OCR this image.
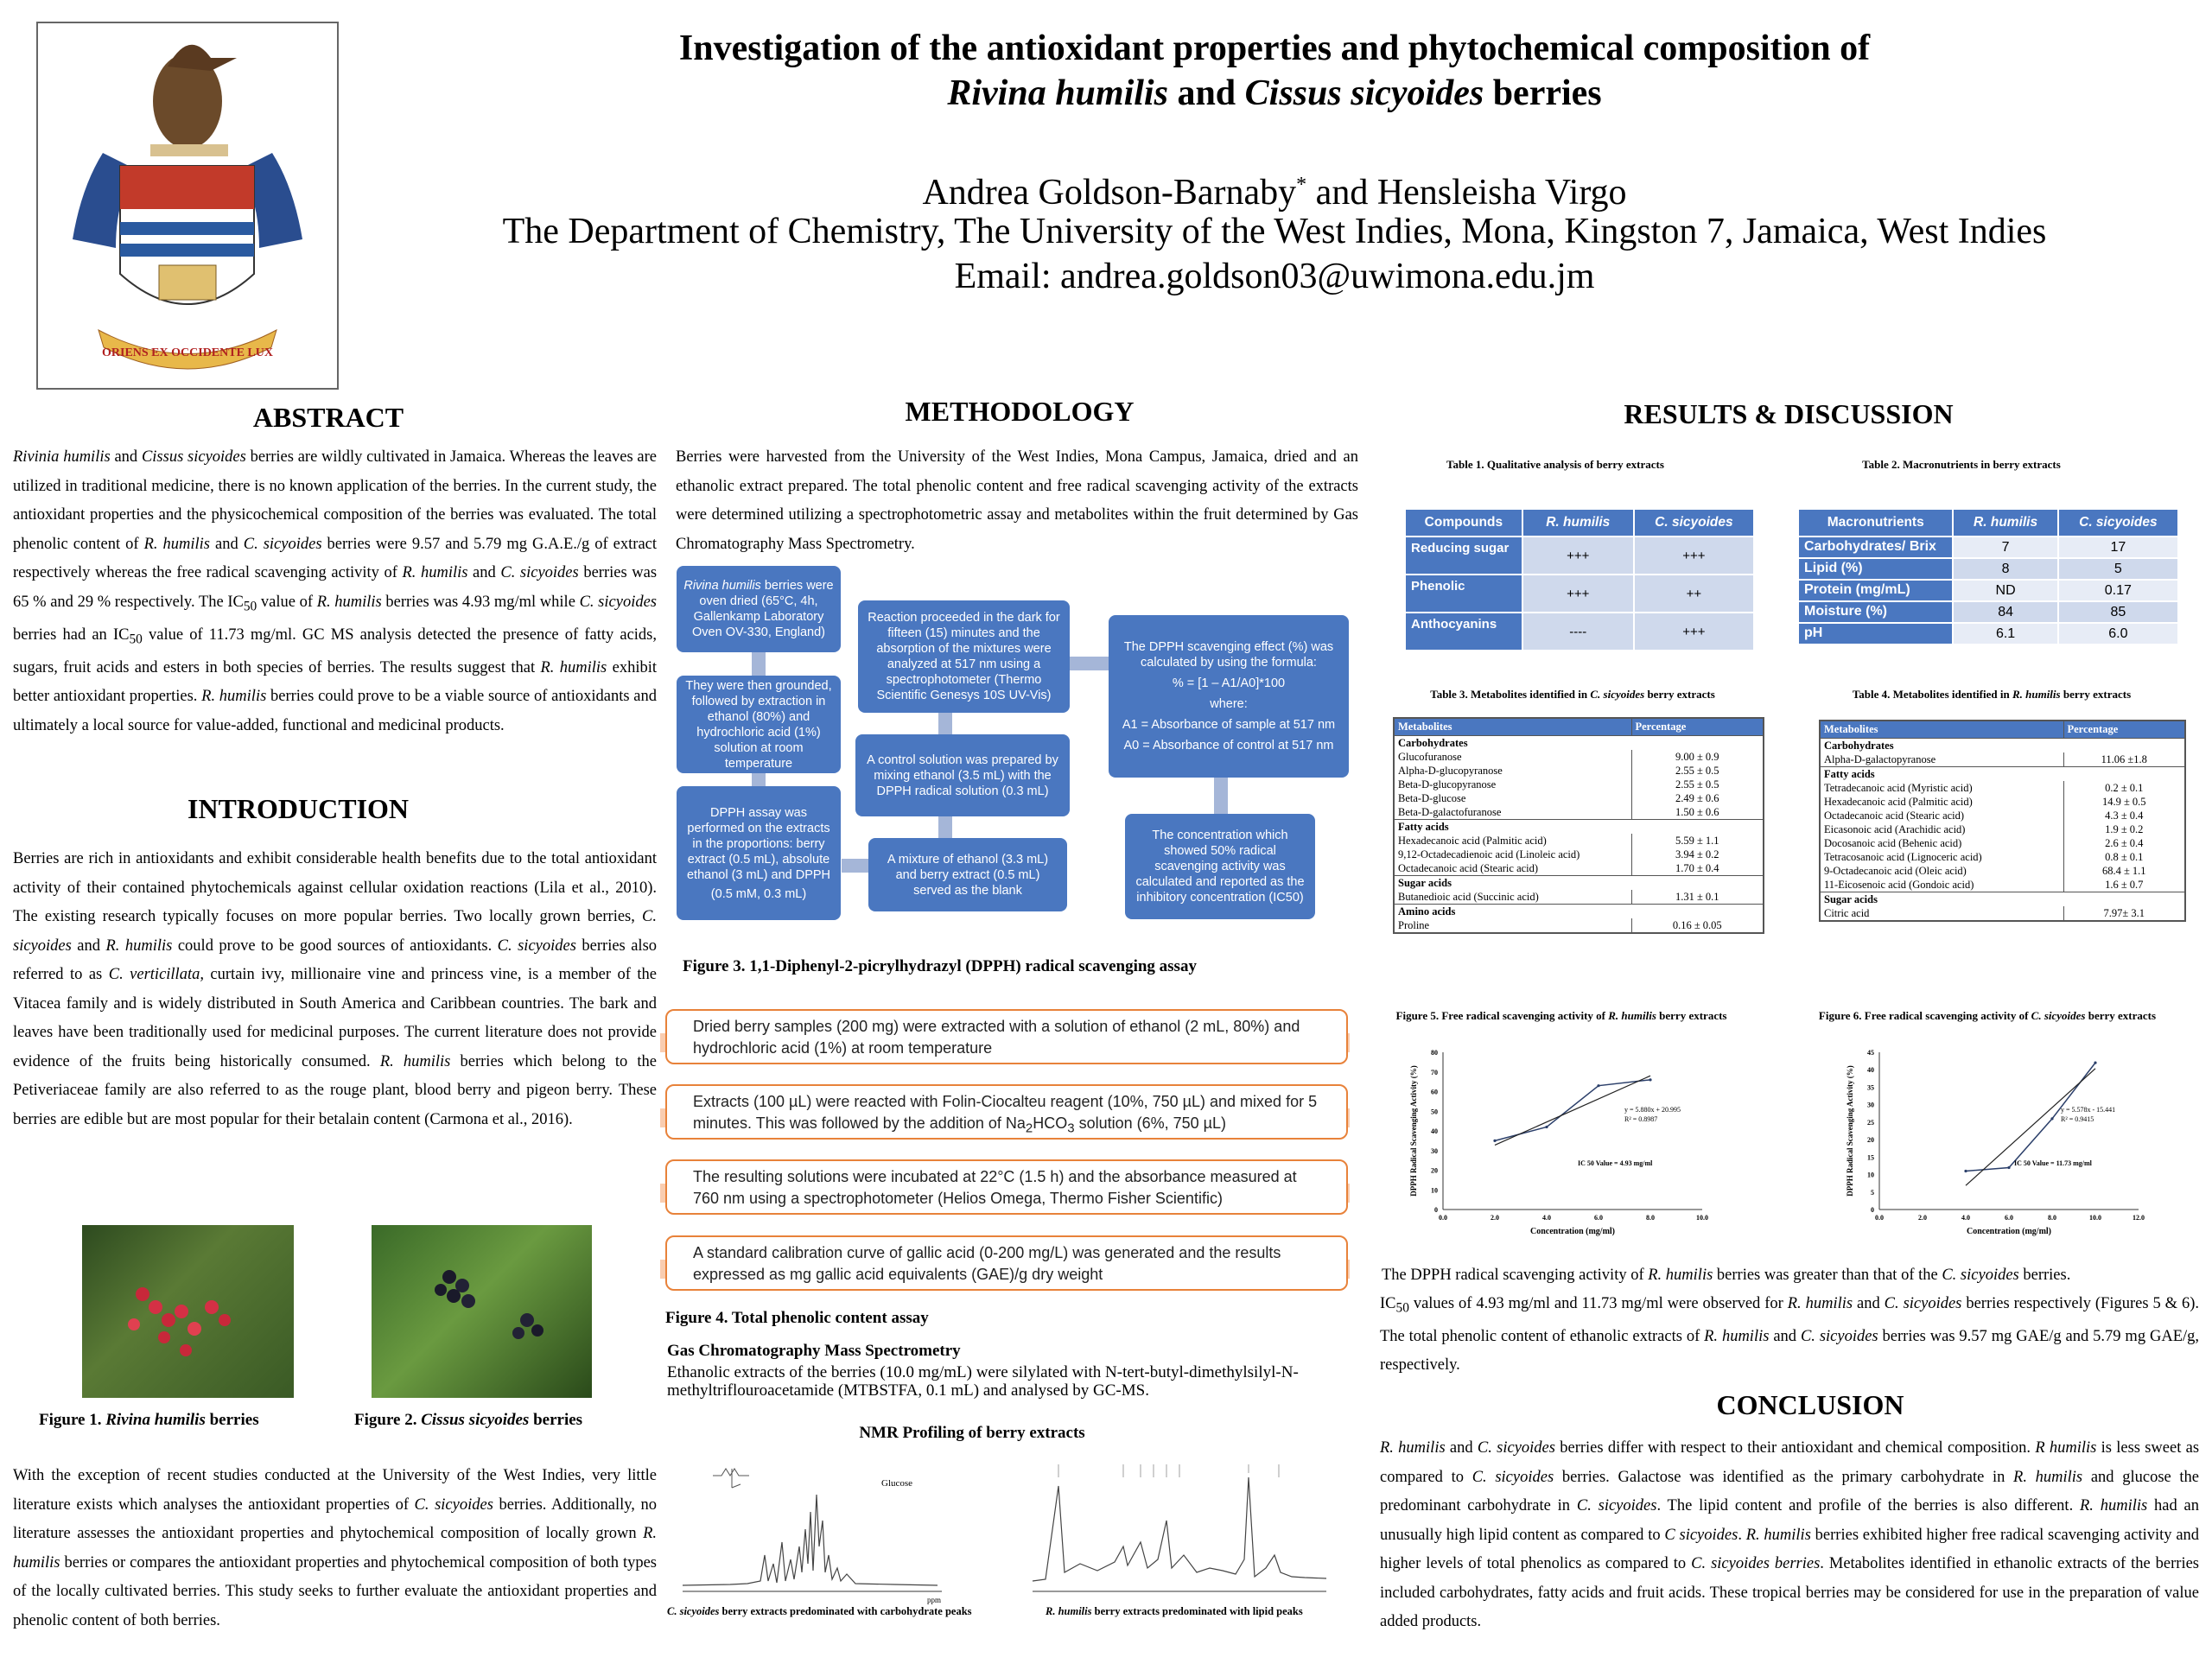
ORIENS EX OCCIDENTE LUX
Investigation of the antioxidant properties and phytochemical composition of
Rivina humilis and Cissus sicyoides berries
Andrea Goldson-Barnaby* and Hensleisha Virgo
The Department of Chemistry, The University of the West Indies, Mona, Kingston 7, Jamaica, West Indies
Email: andrea.goldson03@uwimona.edu.jm
ABSTRACT
Rivinia humilis and Cissus sicyoides berries are wildly cultivated in Jamaica. Whereas the leaves are utilized in traditional medicine, there is no known application of the berries. In the current study, the antioxidant properties and the physicochemical composition of the berries was evaluated. The total phenolic content of R. humilis and C. sicyoides berries were 9.57 and 5.79 mg G.A.E./g of extract respectively whereas the free radical scavenging activity of R. humilis and C. sicyoides berries was 65 % and 29 % respectively. The $IC_{50}$ value of R. humilis berries was 4.93 mg/ml while C. sicyoides berries had an $IC_{50}$ value of 11.73 mg/ml. GC MS analysis detected the presence of fatty acids, sugars, fruit acids and esters in both species of berries. The results suggest that R. humilis exhibit better antioxidant properties. R. humilis berries could prove to be a viable source of antioxidants and ultimately a local source for value-added, functional and medicinal products.
INTRODUCTION
Berries are rich in antioxidants and exhibit considerable health benefits due to the total antioxidant activity of their contained phytochemicals against cellular oxidation reactions (Lila et al., 2010). The existing research typically focuses on more popular berries. Two locally grown berries, C. sicyoides and R. humilis could prove to be good sources of antioxidants. C. sicyoides berries also referred to as C. verticillata, curtain ivy, millionaire vine and princess vine, is a member of the Vitacea family and is widely distributed in South America and Caribbean countries. The bark and leaves have been traditionally used for medicinal purposes. The current literature does not provide evidence of the fruits being historically consumed. R. humilis berries which belong to the Petiveriaceae family are also referred to as the rouge plant, blood berry and pigeon berry. These berries are edible but are most popular for their betalain content (Carmona et al., 2016).
Figure 1. Rivina humilis berries	Figure 2. Cissus sicyoides berries
With the exception of recent studies conducted at the University of the West Indies, very little literature exists which analyses the antioxidant properties of C. sicyoides berries. Additionally, no literature assesses the antioxidant properties and phytochemical composition of locally grown R. humilis berries or compares the antioxidant properties and phytochemical composition of both types of the locally cultivated berries. This study seeks to further evaluate the antioxidant properties and phenolic content of both berries.
METHODOLOGY
Berries were harvested from the University of the West Indies, Mona Campus, Jamaica, dried and an ethanolic extract prepared. The total phenolic content and free radical scavenging activity of the extracts were determined utilizing a spectrophotometric assay and metabolites within the fruit determined by Gas Chromatography Mass Spectrometry.
Rivina humilis berries were oven dried (65°C, 4h, Gallenkamp Laboratory Oven OV-330, England)
They were then grounded, followed by extraction in ethanol (80%) and hydrochloric acid (1%) solution at room temperature
DPPH assay was performed on the extracts in the proportions: berry extract (0.5 mL), absolute ethanol (3 mL) and DPPH
(0.5 mM, 0.3 mL)
A mixture of ethanol (3.3 mL) and berry extract (0.5 mL) served as the blank
A control solution was prepared by mixing ethanol (3.5 mL) with the DPPH radical solution (0.3 mL)
Reaction proceeded in the dark for fifteen (15) minutes and the absorption of the mixtures were analyzed at 517 nm using a spectrophotometer (Thermo Scientific Genesys 10S UV-Vis)
The DPPH scavenging effect (%) was calculated by using the formula:
% = [1 – A1/A0]*100
where:
A1 = Absorbance of sample at 517 nm
A0 = Absorbance of control at 517 nm
The concentration which showed 50% radical scavenging activity was calculated and reported as the inhibitory concentration (IC50)
Figure 3. 1,1-Diphenyl-2-picrylhydrazyl (DPPH) radical scavenging assay
Dried berry samples (200 mg) were extracted with a solution of ethanol (2 mL, 80%) and hydrochloric acid (1%) at room temperature
Extracts (100 µL) were reacted with Folin-Ciocalteu reagent (10%, 750 µL) and mixed for 5 minutes. This was followed by the addition of $Na_2HCO_3$ solution (6%, 750 µL)
The resulting solutions were incubated at 22°C (1.5 h) and the absorbance measured at 760 nm using a spectrophotometer (Helios Omega, Thermo Fisher Scientific)
A standard calibration curve of gallic acid (0-200 mg/L) was generated and the results expressed as mg gallic acid equivalents (GAE)/g dry weight
Figure 4. Total phenolic content assay
Gas Chromatography Mass Spectrometry
Ethanolic extracts of the berries (10.0 mg/mL) were silylated with N-tert-butyl-dimethylsilyl-N-methyltriflouroacetamide (MTBSTFA, 0.1 mL) and analysed by GC-MS.
NMR Profiling of berry extracts
Glucose
ppm
C. sicyoides berry extracts predominated with carbohydrate peaks	R. humilis berry extracts predominated with lipid peaks
RESULTS & DISCUSSION
Table 1. Qualitative analysis of berry extracts
Compounds	R. humilis	C. sicyoides
Reducing sugar	+++	+++
Phenolic	+++	++
Anthocyanins	----	+++
Table 2. Macronutrients in berry extracts
Macronutrients	R. humilis	C. sicyoides
Carbohydrates/ Brix	7	17
Lipid (%)	8	5
Protein (mg/mL)	ND	0.17
Moisture (%)	84	85
pH	6.1	6.0
Table 3. Metabolites identified in C. sicyoides berry extracts
Metabolites	Percentage
Carbohydrates	
Glucofuranose	9.00 ± 0.9
Alpha-D-glucopyranose	2.55 ± 0.5
Beta-D-glucopyranose	2.55 ± 0.5
Beta-D-glucose	2.49 ± 0.6
Beta-D-galactofuranose	1.50 ± 0.6
Fatty acids	
Hexadecanoic acid (Palmitic acid)	5.59 ± 1.1
9,12-Octadecadienoic acid (Linoleic acid)	3.94 ± 0.2
Octadecanoic acid (Stearic acid)	1.70 ± 0.4
Sugar acids	
Butanedioic acid (Succinic acid)	1.31 ± 0.1
Amino acids	
Proline	0.16 ± 0.05
Table 4. Metabolites identified in R. humilis berry extracts
Metabolites	Percentage
Carbohydrates	
Alpha-D-galactopyranose	11.06 ±1.8
Fatty acids	
Tetradecanoic acid (Myristic acid)	0.2 ± 0.1
Hexadecanoic acid (Palmitic acid)	14.9 ± 0.5
Octadecanoic acid (Stearic acid)	4.3 ± 0.4
Eicasonoic acid (Arachidic acid)	1.9 ± 0.2
Docosanoic acid (Behenic acid)	2.6 ± 0.4
Tetracosanoic acid (Lignoceric acid)	0.8 ± 0.1
9-Octadecanoic acid (Oleic acid)	68.4 ± 1.1
11-Eicosenoic acid (Gondoic acid)	1.6 ± 0.7
Sugar acids	
Citric acid	7.97± 3.1
Figure 5. Free radical scavenging activity of R. humilis berry extracts	Figure 6. Free radical scavenging activity of C. sicyoides berry extracts
0
10
20
30
40
50
60
70
80
0.0	2.0	4.0	6.0	8.0	10.0
Concentration (mg/ml)
DPPH Radical Scavenging Activity (%)	y = 5.880x + 20.995
R² = 0.8987
IC 50 Value = 4.93 mg/ml
0
5
10
15
20
25
30
35
40
45
0.0	2.0	4.0	6.0	8.0	10.0	12.0
Concentration (mg/ml)
DPPH Radical Scavenging Activity (%)	y = 5.578x - 15.441
R² = 0.9415
IC 50 Value = 11.73 mg/ml
The DPPH radical scavenging activity of R. humilis berries was greater than that of the C. sicyoides berries.
$IC_{50}$ values of 4.93 mg/ml and 11.73 mg/ml were observed for R. humilis and C. sicyoides berries respectively (Figures 5 & 6). The total phenolic content of ethanolic extracts of R. humilis and C. sicyoides berries was 9.57 mg GAE/g and 5.79 mg GAE/g, respectively.
CONCLUSION
R. humilis and C. sicyoides berries differ with respect to their antioxidant and chemical composition. R humilis is less sweet as compared to C. sicyoides berries. Galactose was identified as the primary carbohydrate in R. humilis and glucose the predominant carbohydrate in C. sicyoides. The lipid content and profile of the berries is also different. R. humilis had an unusually high lipid content as compared to C sicyoides. R. humilis berries exhibited higher free radical scavenging activity and higher levels of total phenolics as compared to C. sicyoides berries. Metabolites identified in ethanolic extracts of the berries included carbohydrates, fatty acids and fruit acids. These tropical berries may be considered for use in the preparation of value added products.
